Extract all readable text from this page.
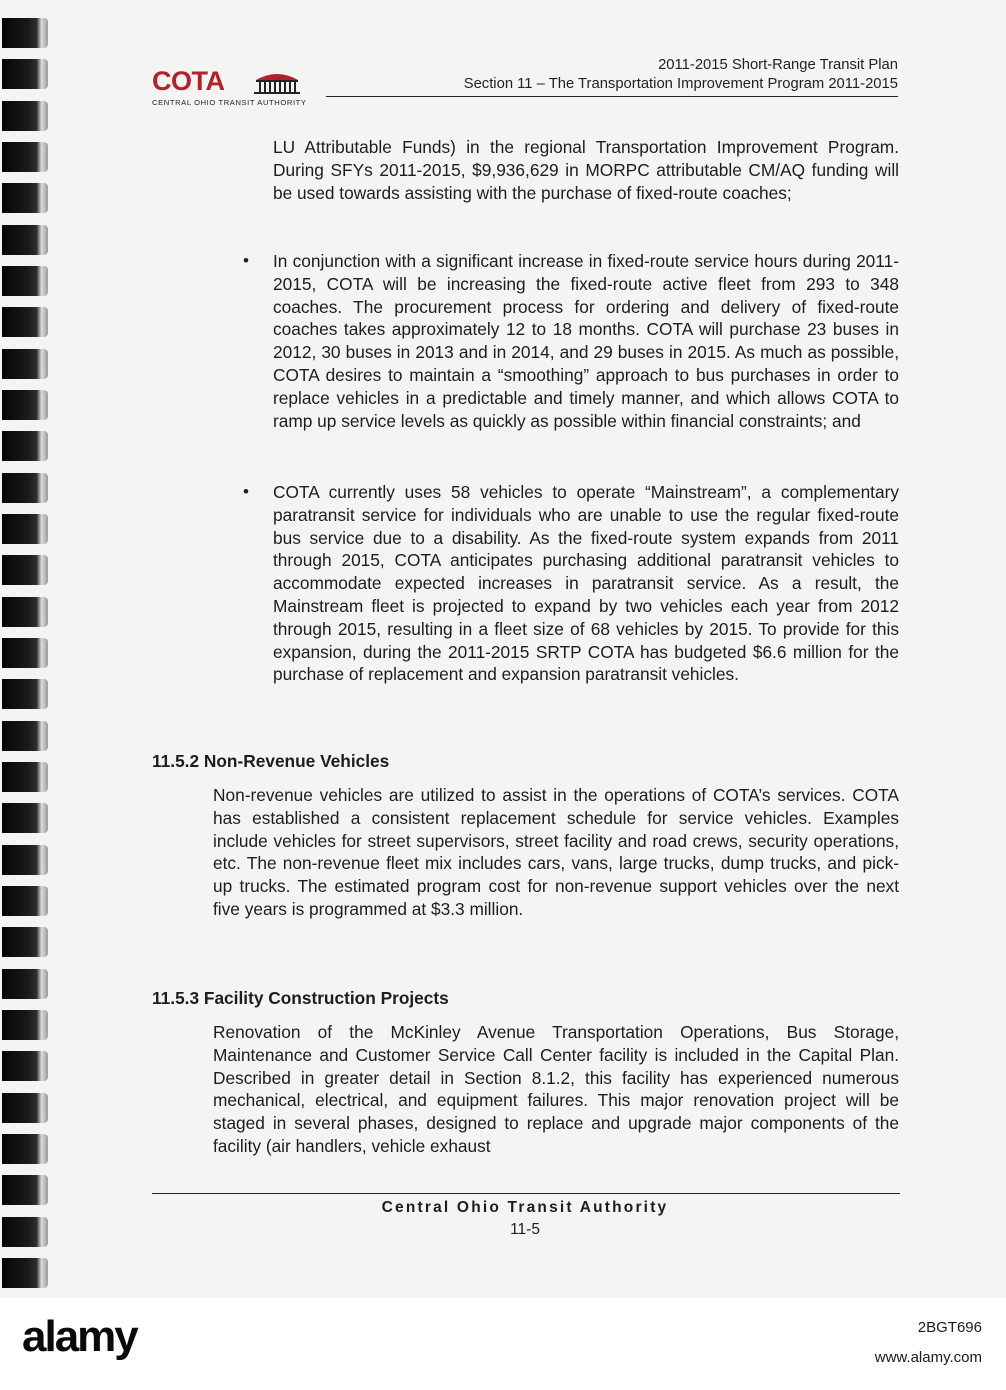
COTA
CENTRAL OHIO TRANSIT AUTHORITY
2011-2015 Short-Range Transit Plan
Section 11 – The Transportation Improvement Program 2011-2015

LU Attributable Funds) in the regional Transportation Improvement Program. During SFYs 2011-2015, $9,936,629 in MORPC attributable CM/AQ funding will be used towards assisting with the purchase of fixed-route coaches;

• In conjunction with a significant increase in fixed-route service hours during 2011-2015, COTA will be increasing the fixed-route active fleet from 293 to 348 coaches. The procurement process for ordering and delivery of fixed-route coaches takes approximately 12 to 18 months. COTA will purchase 23 buses in 2012, 30 buses in 2013 and in 2014, and 29 buses in 2015. As much as possible, COTA desires to maintain a “smoothing” approach to bus purchases in order to replace vehicles in a predictable and timely manner, and which allows COTA to ramp up service levels as quickly as possible within financial constraints; and

• COTA currently uses 58 vehicles to operate “Mainstream”, a complementary paratransit service for individuals who are unable to use the regular fixed-route bus service due to a disability. As the fixed-route system expands from 2011 through 2015, COTA anticipates purchasing additional paratransit vehicles to accommodate expected increases in paratransit service. As a result, the Mainstream fleet is projected to expand by two vehicles each year from 2012 through 2015, resulting in a fleet size of 68 vehicles by 2015. To provide for this expansion, during the 2011-2015 SRTP COTA has budgeted $6.6 million for the purchase of replacement and expansion paratransit vehicles.

11.5.2 Non-Revenue Vehicles

Non-revenue vehicles are utilized to assist in the operations of COTA’s services. COTA has established a consistent replacement schedule for service vehicles. Examples include vehicles for street supervisors, street facility and road crews, security operations, etc. The non-revenue fleet mix includes cars, vans, large trucks, dump trucks, and pick-up trucks. The estimated program cost for non-revenue support vehicles over the next five years is programmed at $3.3 million.

11.5.3 Facility Construction Projects

Renovation of the McKinley Avenue Transportation Operations, Bus Storage, Maintenance and Customer Service Call Center facility is included in the Capital Plan. Described in greater detail in Section 8.1.2, this facility has experienced numerous mechanical, electrical, and equipment failures. This major renovation project will be staged in several phases, designed to replace and upgrade major components of the facility (air handlers, vehicle exhaust

Central Ohio Transit Authority
11-5
alamy	2BGT696
www.alamy.com
